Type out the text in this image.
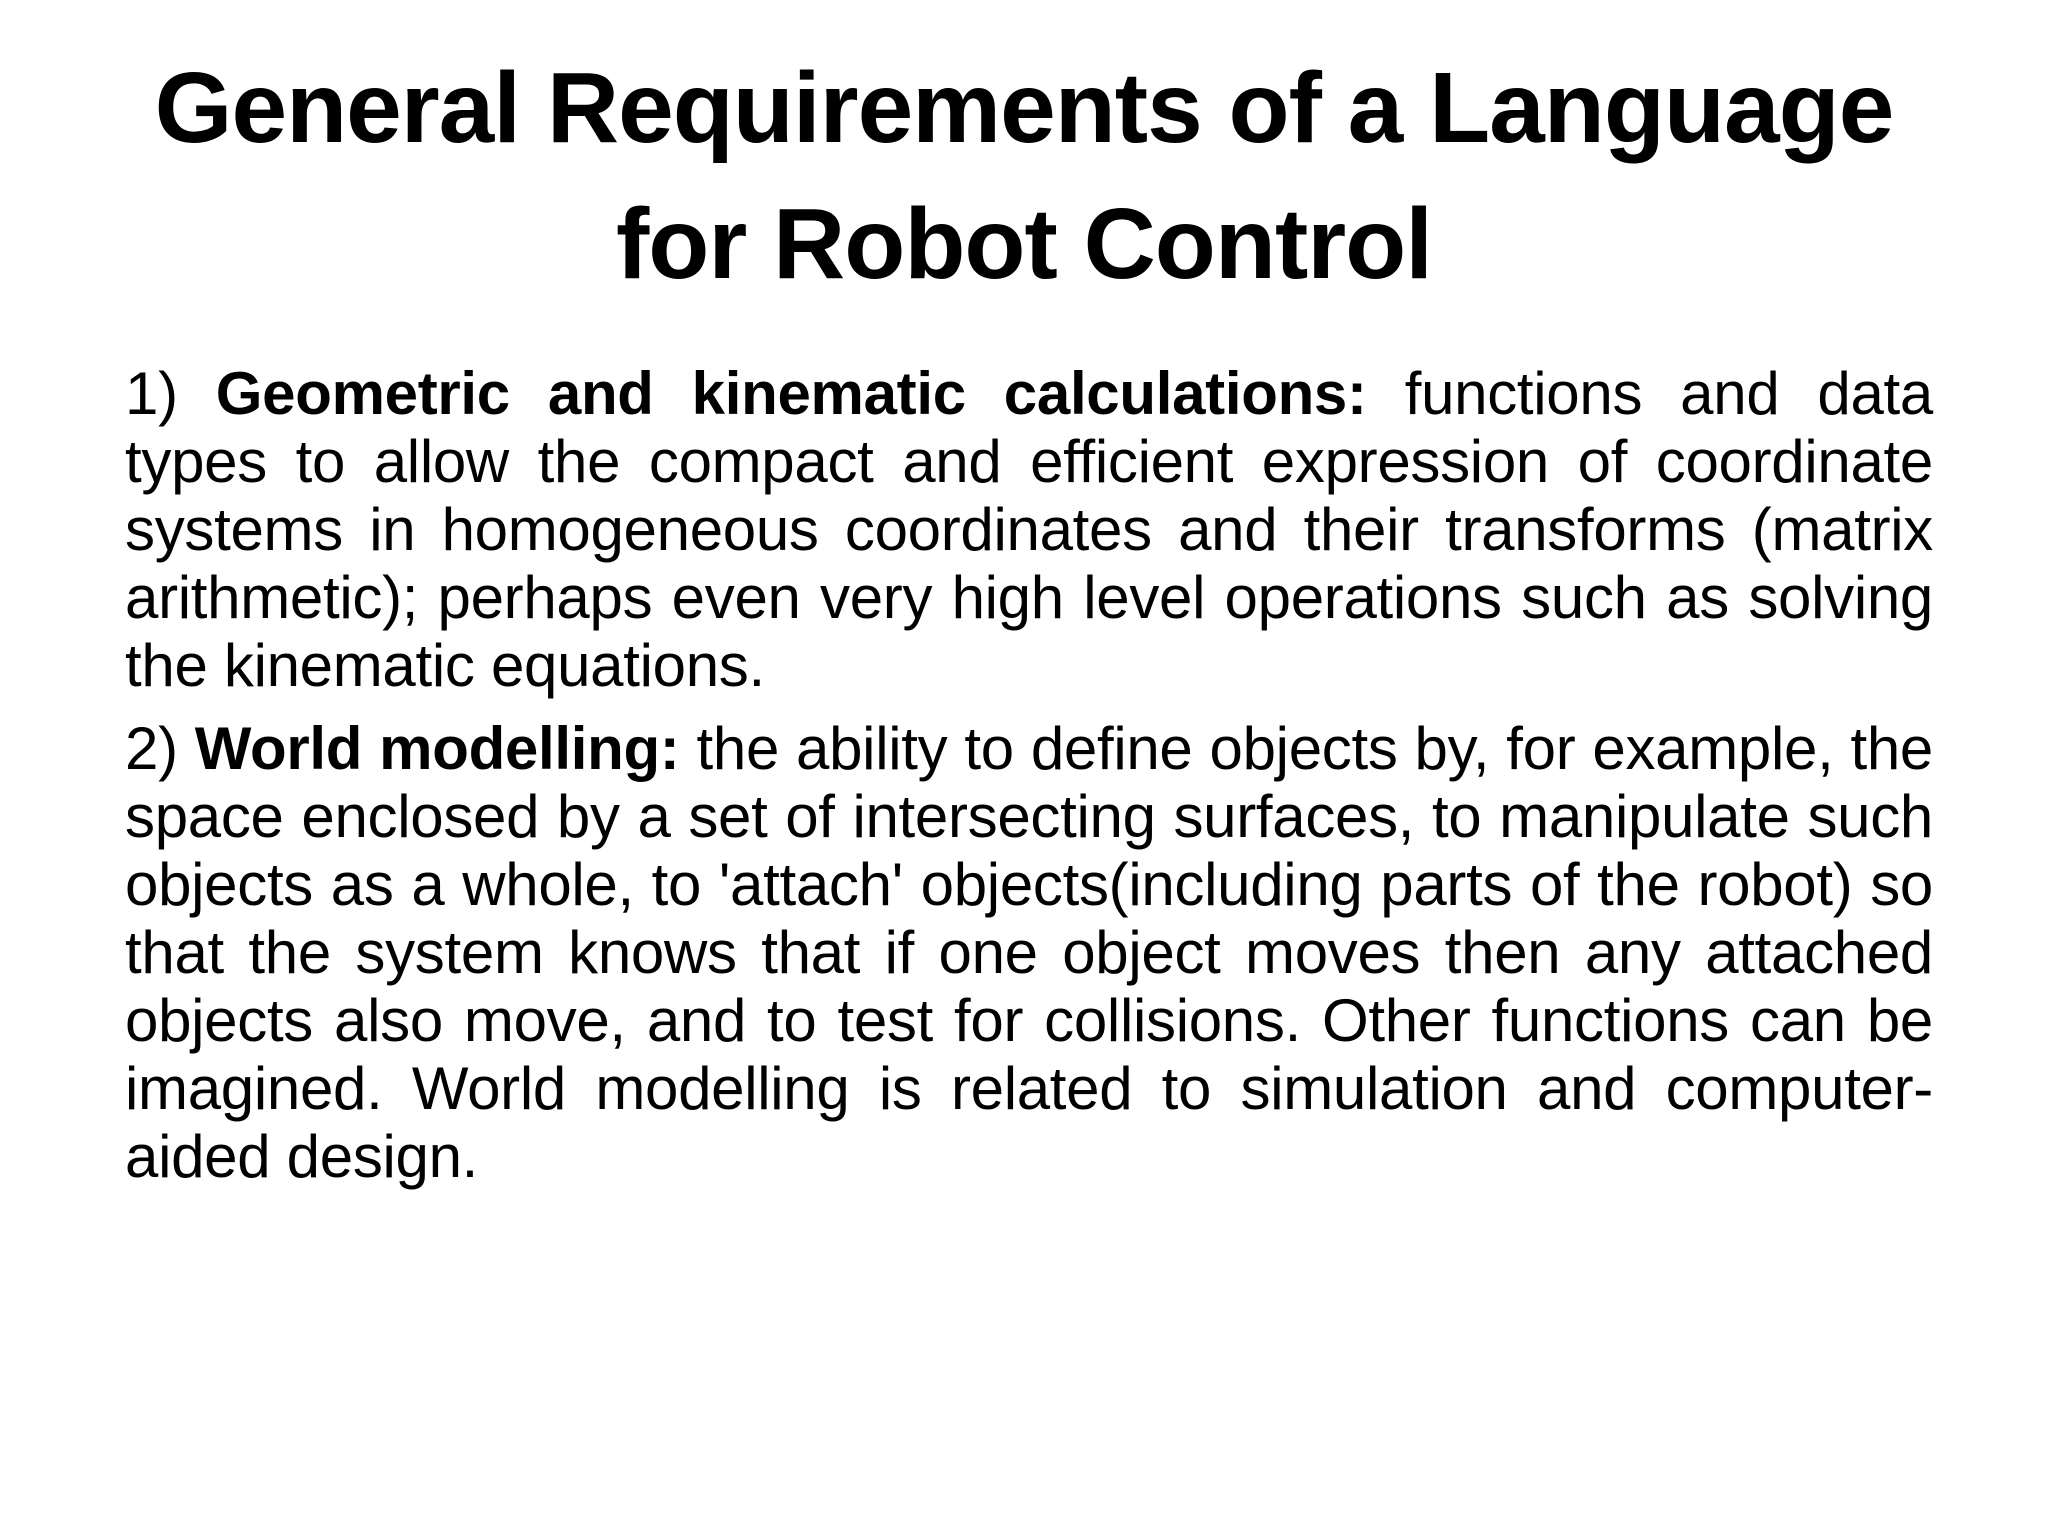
General Requirements of a Language for Robot Control

1) Geometric and kinematic calculations: functions and data types to allow the compact and efficient expression of coordinate systems in homogeneous coordinates and their transforms (matrix arithmetic); perhaps even very high level operations such as solving the kinematic equations.

2) World modelling: the ability to define objects by, for example, the space enclosed by a set of intersecting surfaces, to manipulate such objects as a whole, to 'attach' objects(including parts of the robot) so that the system knows that if one object moves then any attached objects also move, and to test for collisions. Other functions can be imagined. World modelling is related to simulation and computer-aided design.
